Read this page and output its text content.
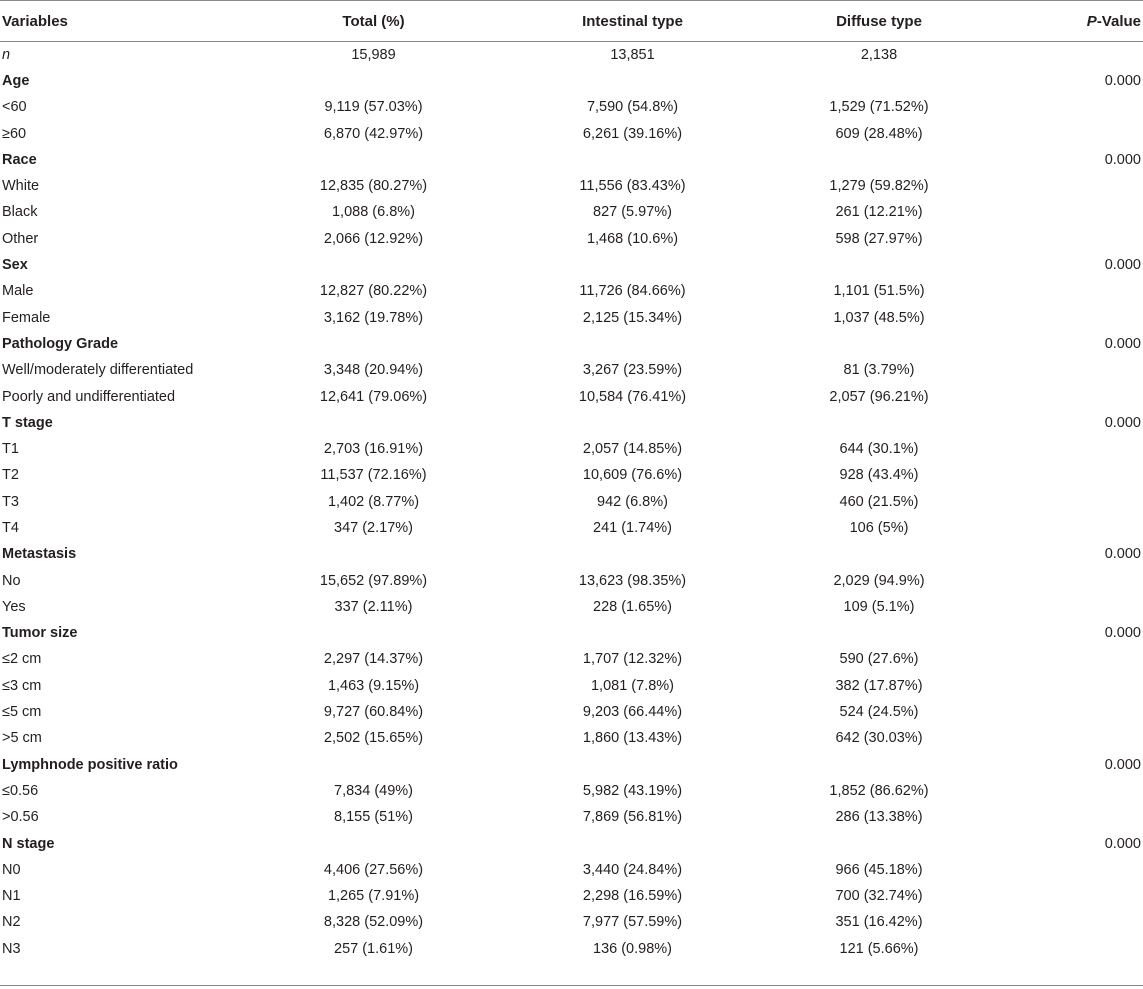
Variables	Total (%)	Intestinal type	Diffuse type	P-Value
n	15,989	13,851	2,138	
Age				0.000
<60	9,119 (57.03%)	7,590 (54.8%)	1,529 (71.52%)	
≥60	6,870 (42.97%)	6,261 (39.16%)	609 (28.48%)	
Race				0.000
White	12,835 (80.27%)	11,556 (83.43%)	1,279 (59.82%)	
Black	1,088 (6.8%)	827 (5.97%)	261 (12.21%)	
Other	2,066 (12.92%)	1,468 (10.6%)	598 (27.97%)	
Sex				0.000
Male	12,827 (80.22%)	11,726 (84.66%)	1,101 (51.5%)	
Female	3,162 (19.78%)	2,125 (15.34%)	1,037 (48.5%)	
Pathology Grade				0.000
Well/moderately differentiated	3,348 (20.94%)	3,267 (23.59%)	81 (3.79%)	
Poorly and undifferentiated	12,641 (79.06%)	10,584 (76.41%)	2,057 (96.21%)	
T stage				0.000
T1	2,703 (16.91%)	2,057 (14.85%)	644 (30.1%)	
T2	11,537 (72.16%)	10,609 (76.6%)	928 (43.4%)	
T3	1,402 (8.77%)	942 (6.8%)	460 (21.5%)	
T4	347 (2.17%)	241 (1.74%)	106 (5%)	
Metastasis				0.000
No	15,652 (97.89%)	13,623 (98.35%)	2,029 (94.9%)	
Yes	337 (2.11%)	228 (1.65%)	109 (5.1%)	
Tumor size				0.000
≤2 cm	2,297 (14.37%)	1,707 (12.32%)	590 (27.6%)	
≤3 cm	1,463 (9.15%)	1,081 (7.8%)	382 (17.87%)	
≤5 cm	9,727 (60.84%)	9,203 (66.44%)	524 (24.5%)	
>5 cm	2,502 (15.65%)	1,860 (13.43%)	642 (30.03%)	
Lymphnode positive ratio				0.000
≤0.56	7,834 (49%)	5,982 (43.19%)	1,852 (86.62%)	
>0.56	8,155 (51%)	7,869 (56.81%)	286 (13.38%)	
N stage				0.000
N0	4,406 (27.56%)	3,440 (24.84%)	966 (45.18%)	
N1	1,265 (7.91%)	2,298 (16.59%)	700 (32.74%)	
N2	8,328 (52.09%)	7,977 (57.59%)	351 (16.42%)	
N3	257 (1.61%)	136 (0.98%)	121 (5.66%)	
